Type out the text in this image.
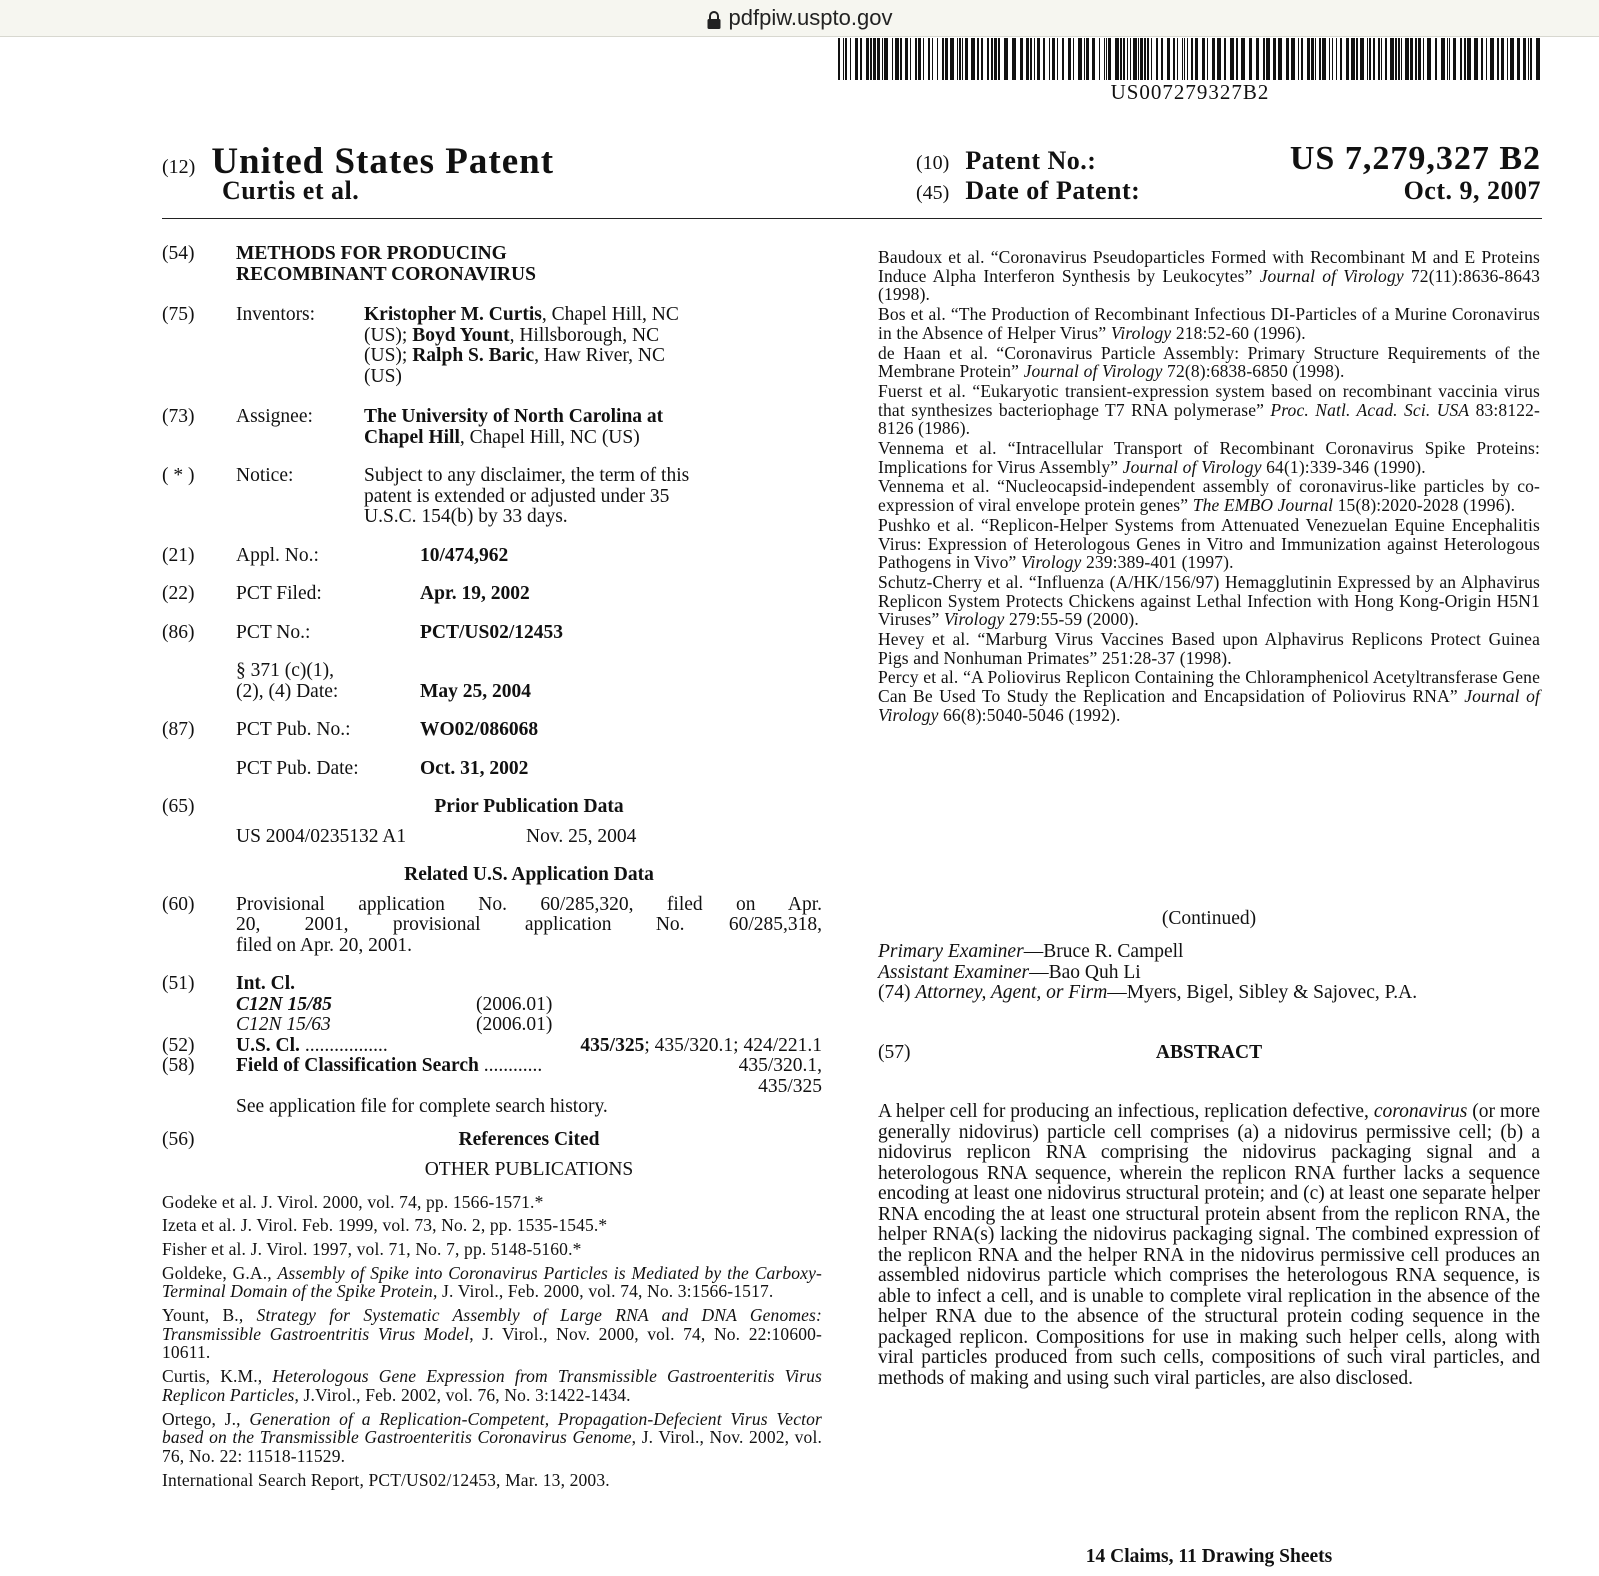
pdfpiw.uspto.gov
US007279327B2
(12) United States Patent
Curtis et al.
(10) Patent No.:	US 7,279,327 B2
(45) Date of Patent:	Oct. 9, 2007
(54)	METHODS FOR PRODUCING
RECOMBINANT CORONAVIRUS
(75)	Inventors:	Kristopher M. Curtis, Chapel Hill, NC
(US); Boyd Yount, Hillsborough, NC
(US); Ralph S. Baric, Haw River, NC
(US)
(73)	Assignee:	The University of North Carolina at
Chapel Hill, Chapel Hill, NC (US)
( * )	Notice:	Subject to any disclaimer, the term of this
patent is extended or adjusted under 35
U.S.C. 154(b) by 33 days.
(21)	Appl. No.:	10/474,962
(22)	PCT Filed:	Apr. 19, 2002
(86)	PCT No.:	PCT/US02/12453
§ 371 (c)(1),
(2), (4) Date:	May 25, 2004
(87)	PCT Pub. No.:	WO02/086068
PCT Pub. Date:	Oct. 31, 2002
(65)	Prior Publication Data
US 2004/0235132 A1	Nov. 25, 2004
Related U.S. Application Data
(60)	Provisional application No. 60/285,320, filed on Apr.
20, 2001, provisional application No. 60/285,318,
filed on Apr. 20, 2001.
(51)	Int. Cl.
C12N 15/85	(2006.01)
C12N 15/63	(2006.01)
(52)	U.S. Cl. .................	435/325; 435/320.1; 424/221.1
(58)	Field of Classification Search ............	435/320.1,
435/325
See application file for complete search history.
(56)	References Cited
OTHER PUBLICATIONS

Godeke et al. J. Virol. 2000, vol. 74, pp. 1566-1571.*

Izeta et al. J. Virol. Feb. 1999, vol. 73, No. 2, pp. 1535-1545.*

Fisher et al. J. Virol. 1997, vol. 71, No. 7, pp. 5148-5160.*

Goldeke, G.A., Assembly of Spike into Coronavirus Particles is Mediated by the Carboxy-Terminal Domain of the Spike Protein, J. Virol., Feb. 2000, vol. 74, No. 3:1566-1517.

Yount, B., Strategy for Systematic Assembly of Large RNA and DNA Genomes: Transmissible Gastroentritis Virus Model, J. Virol., Nov. 2000, vol. 74, No. 22:10600-10611.

Curtis, K.M., Heterologous Gene Expression from Transmissible Gastroenteritis Virus Replicon Particles, J.Virol., Feb. 2002, vol. 76, No. 3:1422-1434.

Ortego, J., Generation of a Replication-Competent, Propagation-Defecient Virus Vector based on the Transmissible Gastroenteritis Coronavirus Genome, J. Virol., Nov. 2002, vol. 76, No. 22: 11518-11529.

International Search Report, PCT/US02/12453, Mar. 13, 2003.

Baudoux et al. “Coronavirus Pseudoparticles Formed with Recombinant M and E Proteins Induce Alpha Interferon Synthesis by Leukocytes” Journal of Virology 72(11):8636-8643 (1998).

Bos et al. “The Production of Recombinant Infectious DI-Particles of a Murine Coronavirus in the Absence of Helper Virus” Virology 218:52-60 (1996).

de Haan et al. “Coronavirus Particle Assembly: Primary Structure Requirements of the Membrane Protein” Journal of Virology 72(8):6838-6850 (1998).

Fuerst et al. “Eukaryotic transient-expression system based on recombinant vaccinia virus that synthesizes bacteriophage T7 RNA polymerase” Proc. Natl. Acad. Sci. USA 83:8122-8126 (1986).

Vennema et al. “Intracellular Transport of Recombinant Coronavirus Spike Proteins: Implications for Virus Assembly” Journal of Virology 64(1):339-346 (1990).

Vennema et al. “Nucleocapsid-independent assembly of coronavirus-like particles by co-expression of viral envelope protein genes” The EMBO Journal 15(8):2020-2028 (1996).

Pushko et al. “Replicon-Helper Systems from Attenuated Venezuelan Equine Encephalitis Virus: Expression of Heterologous Genes in Vitro and Immunization against Heterologous Pathogens in Vivo” Virology 239:389-401 (1997).

Schutz-Cherry et al. “Influenza (A/HK/156/97) Hemagglutinin Expressed by an Alphavirus Replicon System Protects Chickens against Lethal Infection with Hong Kong-Origin H5N1 Viruses” Virology 279:55-59 (2000).

Hevey et al. “Marburg Virus Vaccines Based upon Alphavirus Replicons Protect Guinea Pigs and Nonhuman Primates” 251:28-37 (1998).

Percy et al. “A Poliovirus Replicon Containing the Chloramphenicol Acetyltransferase Gene Can Be Used To Study the Replication and Encapsidation of Poliovirus RNA” Journal of Virology 66(8):5040-5046 (1992).

(Continued)
Primary Examiner—Bruce R. Campell
Assistant Examiner—Bao Quh Li
(74) Attorney, Agent, or Firm—Myers, Bigel, Sibley & Sajovec, P.A.
(57)	ABSTRACT
A helper cell for producing an infectious, replication defective, coronavirus (or more generally nidovirus) particle cell comprises (a) a nidovirus permissive cell; (b) a nidovirus replicon RNA comprising the nidovirus packaging signal and a heterologous RNA sequence, wherein the replicon RNA further lacks a sequence encoding at least one nidovirus structural protein; and (c) at least one separate helper RNA encoding the at least one structural protein absent from the replicon RNA, the helper RNA(s) lacking the nidovirus packaging signal. The combined expression of the replicon RNA and the helper RNA in the nidovirus permissive cell produces an assembled nidovirus particle which comprises the heterologous RNA sequence, is able to infect a cell, and is unable to complete viral replication in the absence of the helper RNA due to the absence of the structural protein coding sequence in the packaged replicon. Compositions for use in making such helper cells, along with viral particles produced from such cells, compositions of such viral particles, and methods of making and using such viral particles, are also disclosed.
14 Claims, 11 Drawing Sheets
